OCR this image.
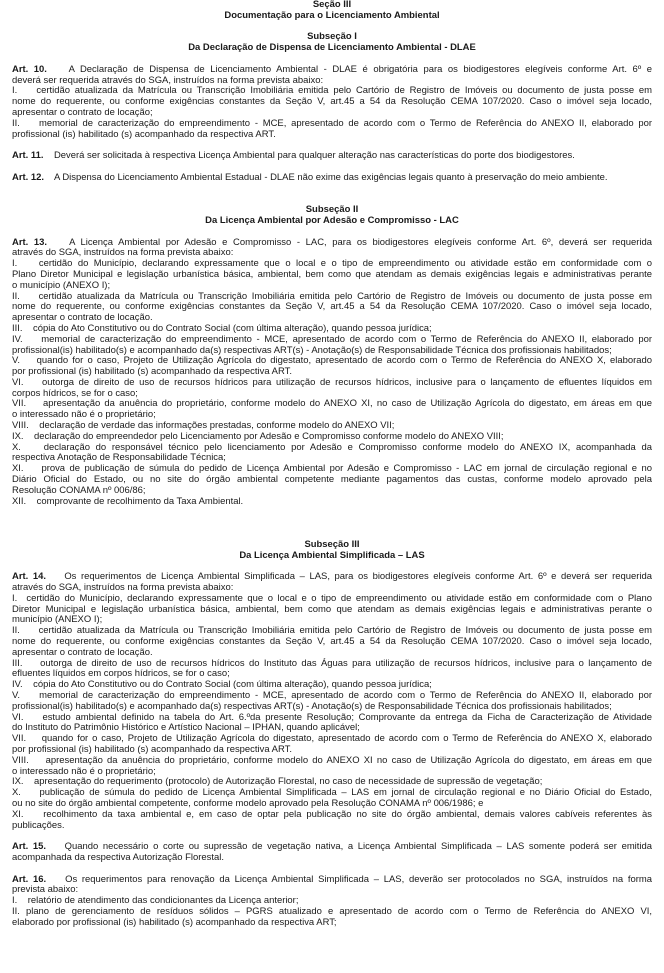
Seção III
Documentação para o Licenciamento Ambiental
Subseção I
Da Declaração de Dispensa de Licenciamento Ambiental - DLAE
Art. 10.    A Declaração de Dispensa de Licenciamento Ambiental - DLAE é obrigatória para os biodigestores elegíveis conforme Art. 6º e
deverá ser requerida através do SGA, instruídos na forma prevista abaixo:
I.    certidão atualizada da Matrícula ou Transcrição Imobiliária emitida pelo Cartório de Registro de Imóveis ou documento de justa posse em
nome do requerente, ou conforme exigências constantes da Seção V, art.45 a 54 da Resolução CEMA 107/2020. Caso o imóvel seja locado,
apresentar o contrato de locação;
II.    memorial de caracterização do empreendimento - MCE, apresentado de acordo com o Termo de Referência do ANEXO II, elaborado por
profissional (is) habilitado (s) acompanhado da respectiva ART.
Art. 11.    Deverá ser solicitada à respectiva Licença Ambiental para qualquer alteração nas características do porte dos biodigestores.
Art. 12.    A Dispensa do Licenciamento Ambiental Estadual - DLAE não exime das exigências legais quanto à preservação do meio ambiente.
Subseção II
Da Licença Ambiental por Adesão e Compromisso - LAC
Art. 13.    A Licença Ambiental por Adesão e Compromisso - LAC, para os biodigestores elegíveis conforme Art. 6º, deverá ser requerida
através do SGA, instruídos na forma prevista abaixo:
I.    certidão do Município, declarando expressamente que o local e o tipo de empreendimento ou atividade estão em conformidade com o
Plano Diretor Municipal e legislação urbanística básica, ambiental, bem como que atendam as demais exigências legais e administrativas perante
o município (ANEXO I);
II.    certidão atualizada da Matrícula ou Transcrição Imobiliária emitida pelo Cartório de Registro de Imóveis ou documento de justa posse em
nome do requerente, ou conforme exigências constantes da Seção V, art.45 a 54 da Resolução CEMA 107/2020. Caso o imóvel seja locado,
apresentar o contrato de locação.
III.    cópia do Ato Constitutivo ou do Contrato Social (com última alteração), quando pessoa jurídica;
IV.    memorial de caracterização do empreendimento - MCE, apresentado de acordo com o Termo de Referência do ANEXO II, elaborado por
profissional(is) habilitado(s) e acompanhado da(s) respectivas ART(s) - Anotação(s) de Responsabilidade Técnica dos profissionais habilitados;
V.    quando for o caso, Projeto de Utilização Agrícola do digestato, apresentado de acordo com o Termo de Referência do ANEXO X, elaborado
por profissional (is) habilitado (s) acompanhado da respectiva ART.
VI.    outorga de direito de uso de recursos hídricos para utilização de recursos hídricos, inclusive para o lançamento de efluentes líquidos em
corpos hídricos, se for o caso;
VII.    apresentação da anuência do proprietário, conforme modelo do ANEXO XI, no caso de Utilização Agrícola do digestato, em áreas em que
o interessado não é o proprietário;
VIII.    declaração de verdade das informações prestadas, conforme modelo do ANEXO VII;
IX.    declaração do empreendedor pelo Licenciamento por Adesão e Compromisso conforme modelo do ANEXO VIII;
X.    declaração do responsável técnico pelo licenciamento por Adesão e Compromisso conforme modelo do ANEXO IX, acompanhada da
respectiva Anotação de Responsabilidade Técnica;
XI.    prova de publicação de súmula do pedido de Licença Ambiental por Adesão e Compromisso - LAC em jornal de circulação regional e no
Diário Oficial do Estado, ou no site do órgão ambiental competente mediante pagamentos das custas, conforme modelo aprovado pela
Resolução CONAMA nº 006/86;
XII.    comprovante de recolhimento da Taxa Ambiental.
Subseção III
Da Licença Ambiental Simplificada – LAS
Art. 14.    Os requerimentos de Licença Ambiental Simplificada – LAS, para os biodigestores elegíveis conforme Art. 6º e deverá ser requerida
através do SGA, instruídos na forma prevista abaixo:
I.  certidão do Município, declarando expressamente que o local e o tipo de empreendimento ou atividade estão em conformidade com o Plano
Diretor Municipal e legislação urbanística básica, ambiental, bem como que atendam as demais exigências legais e administrativas perante o
município (ANEXO I);
II.    certidão atualizada da Matrícula ou Transcrição Imobiliária emitida pelo Cartório de Registro de Imóveis ou documento de justa posse em
nome do requerente, ou conforme exigências constantes da Seção V, art.45 a 54 da Resolução CEMA 107/2020. Caso o imóvel seja locado,
apresentar o contrato de locação.
III.    outorga de direito de uso de recursos hídricos do Instituto das Águas para utilização de recursos hídricos, inclusive para o lançamento de
efluentes líquidos em corpos hídricos, se for o caso;
IV.    cópia do Ato Constitutivo ou do Contrato Social (com última alteração), quando pessoa jurídica;
V.    memorial de caracterização do empreendimento - MCE, apresentado de acordo com o Termo de Referência do ANEXO II, elaborado por
profissional(is) habilitado(s) e acompanhado da(s) respectivas ART(s) - Anotação(s) de Responsabilidade Técnica dos profissionais habilitados;
VI.    estudo ambiental definido na tabela do Art. 6.ºda presente Resolução; Comprovante da entrega da Ficha de Caracterização de Atividade
do Instituto do Patrimônio Histórico e Artístico Nacional – IPHAN, quando aplicável;
VII.    quando for o caso, Projeto de Utilização Agrícola do digestato, apresentado de acordo com o Termo de Referência do ANEXO X, elaborado
por profissional (is) habilitado (s) acompanhado da respectiva ART.
VIII.    apresentação da anuência do proprietário, conforme modelo do ANEXO XI no caso de Utilização Agrícola do digestato, em áreas em que
o interessado não é o proprietário;
IX.    apresentação do requerimento (protocolo) de Autorização Florestal, no caso de necessidade de supressão de vegetação;
X.    publicação de súmula do pedido de Licença Ambiental Simplificada – LAS em jornal de circulação regional e no Diário Oficial do Estado,
ou no site do órgão ambiental competente, conforme modelo aprovado pela Resolução CONAMA nº 006/1986; e
XI.    recolhimento da taxa ambiental e, em caso de optar pela publicação no site do órgão ambiental, demais valores cabíveis referentes às
publicações.
Art. 15.    Quando necessário o corte ou supressão de vegetação nativa, a Licença Ambiental Simplificada – LAS somente poderá ser emitida
acompanhada da respectiva Autorização Florestal.
Art. 16.    Os requerimentos para renovação da Licença Ambiental Simplificada – LAS, deverão ser protocolados no SGA, instruídos na forma
prevista abaixo:
I.    relatório de atendimento das condicionantes da Licença anterior;
II. plano de gerenciamento de resíduos sólidos – PGRS atualizado e apresentado de acordo com o Termo de Referência do ANEXO VI,
elaborado por profissional (is) habilitado (s) acompanhado da respectiva ART;
